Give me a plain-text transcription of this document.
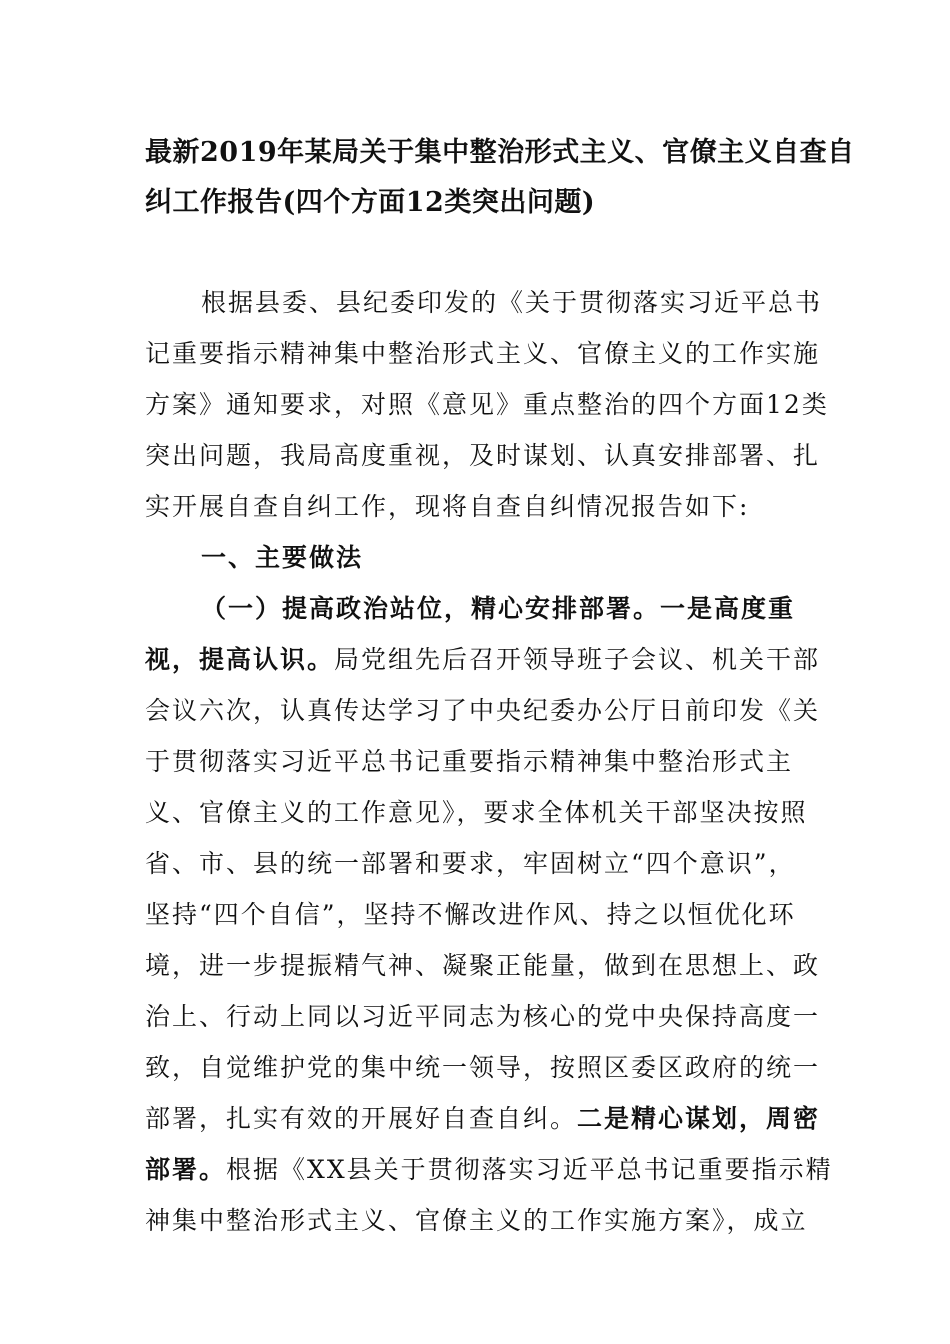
最新2019年某局关于集中整治形式主义、官僚主义自查自
纠工作报告(四个方面12类突出问题)
根据县委、县纪委印发的《关于贯彻落实习近平总书
记重要指示精神集中整治形式主义、官僚主义的工作实施
方案》通知要求，对照《意见》重点整治的四个方面12类
突出问题，我局高度重视，及时谋划、认真安排部署、扎
实开展自查自纠工作，现将自查自纠情况报告如下:
一、主要做法
（一）提高政治站位，精心安排部署。一是高度重
视，提高认识。局党组先后召开领导班子会议、机关干部
会议六次，认真传达学习了中央纪委办公厅日前印发《关
于贯彻落实习近平总书记重要指示精神集中整治形式主
义、官僚主义的工作意见》，要求全体机关干部坚决按照
省、市、县的统一部署和要求，牢固树立“四个意识”，
坚持“四个自信”，坚持不懈改进作风、持之以恒优化环
境，进一步提振精气神、凝聚正能量，做到在思想上、政
治上、行动上同以习近平同志为核心的党中央保持高度一
致，自觉维护党的集中统一领导，按照区委区政府的统一
部署，扎实有效的开展好自查自纠。二是精心谋划，周密
部署。根据《XX县关于贯彻落实习近平总书记重要指示精
神集中整治形式主义、官僚主义的工作实施方案》，成立
